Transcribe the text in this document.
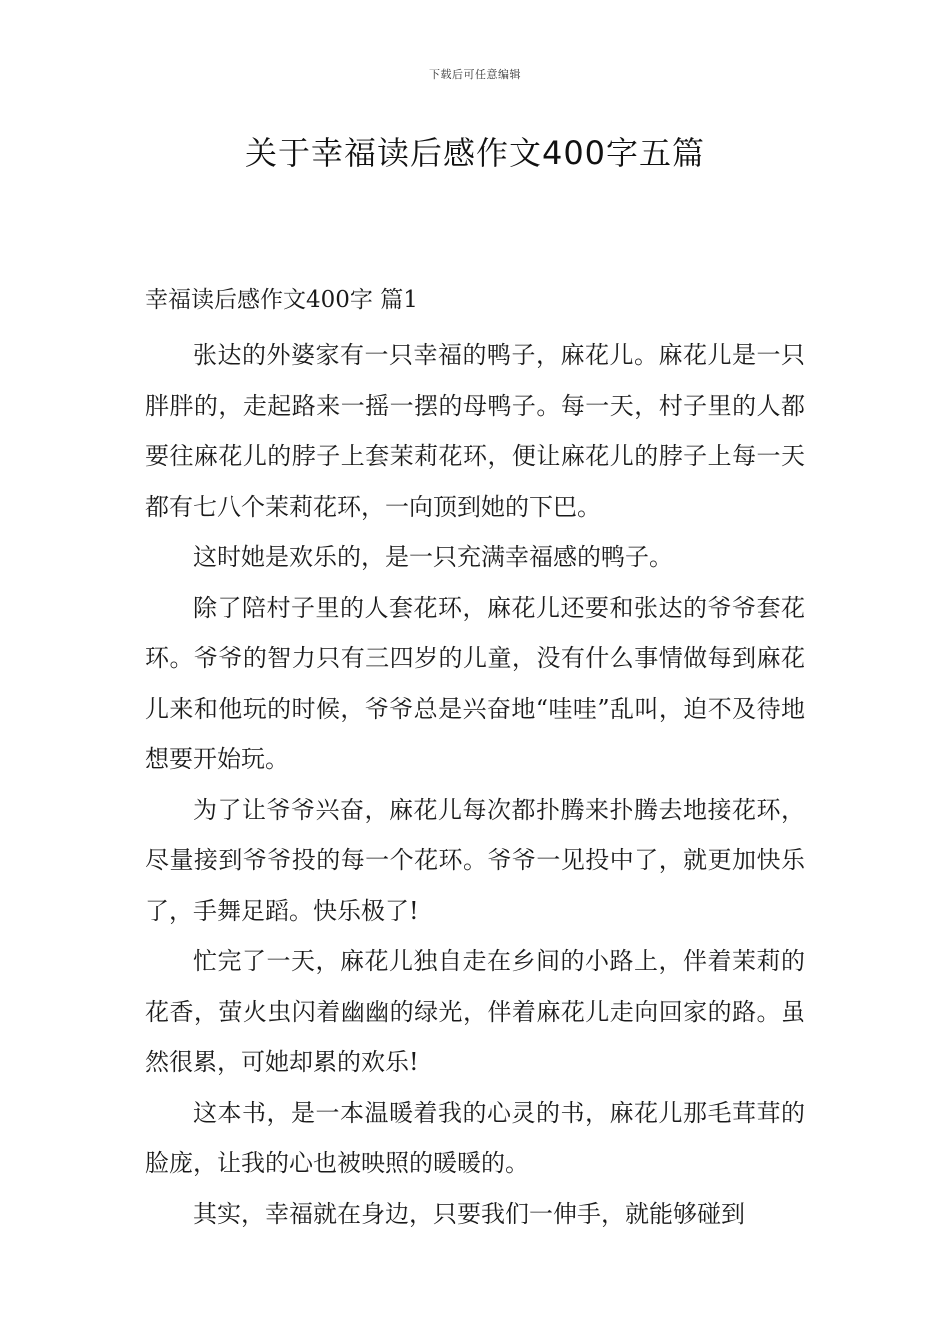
下载后可任意编辑
关于幸福读后感作文400字五篇

幸福读后感作文400字 篇1

张达的外婆家有一只幸福的鸭子，麻花儿。麻花儿是一只胖胖的，走起路来一摇一摆的母鸭子。每一天，村子里的人都要往麻花儿的脖子上套茉莉花环，便让麻花儿的脖子上每一天都有七八个茉莉花环，一向顶到她的下巴。

这时她是欢乐的，是一只充满幸福感的鸭子。

除了陪村子里的人套花环，麻花儿还要和张达的爷爷套花环。爷爷的智力只有三四岁的儿童，没有什么事情做每到麻花儿来和他玩的时候，爷爷总是兴奋地“哇哇”乱叫，迫不及待地想要开始玩。

为了让爷爷兴奋，麻花儿每次都扑腾来扑腾去地接花环，尽量接到爷爷投的每一个花环。爷爷一见投中了，就更加快乐了，手舞足蹈。快乐极了!

忙完了一天，麻花儿独自走在乡间的小路上，伴着茉莉的花香，萤火虫闪着幽幽的绿光，伴着麻花儿走向回家的路。虽然很累，可她却累的欢乐!

这本书，是一本温暖着我的心灵的书，麻花儿那毛茸茸的脸庞，让我的心也被映照的暖暖的。

其实，幸福就在身边，只要我们一伸手，就能够碰到
